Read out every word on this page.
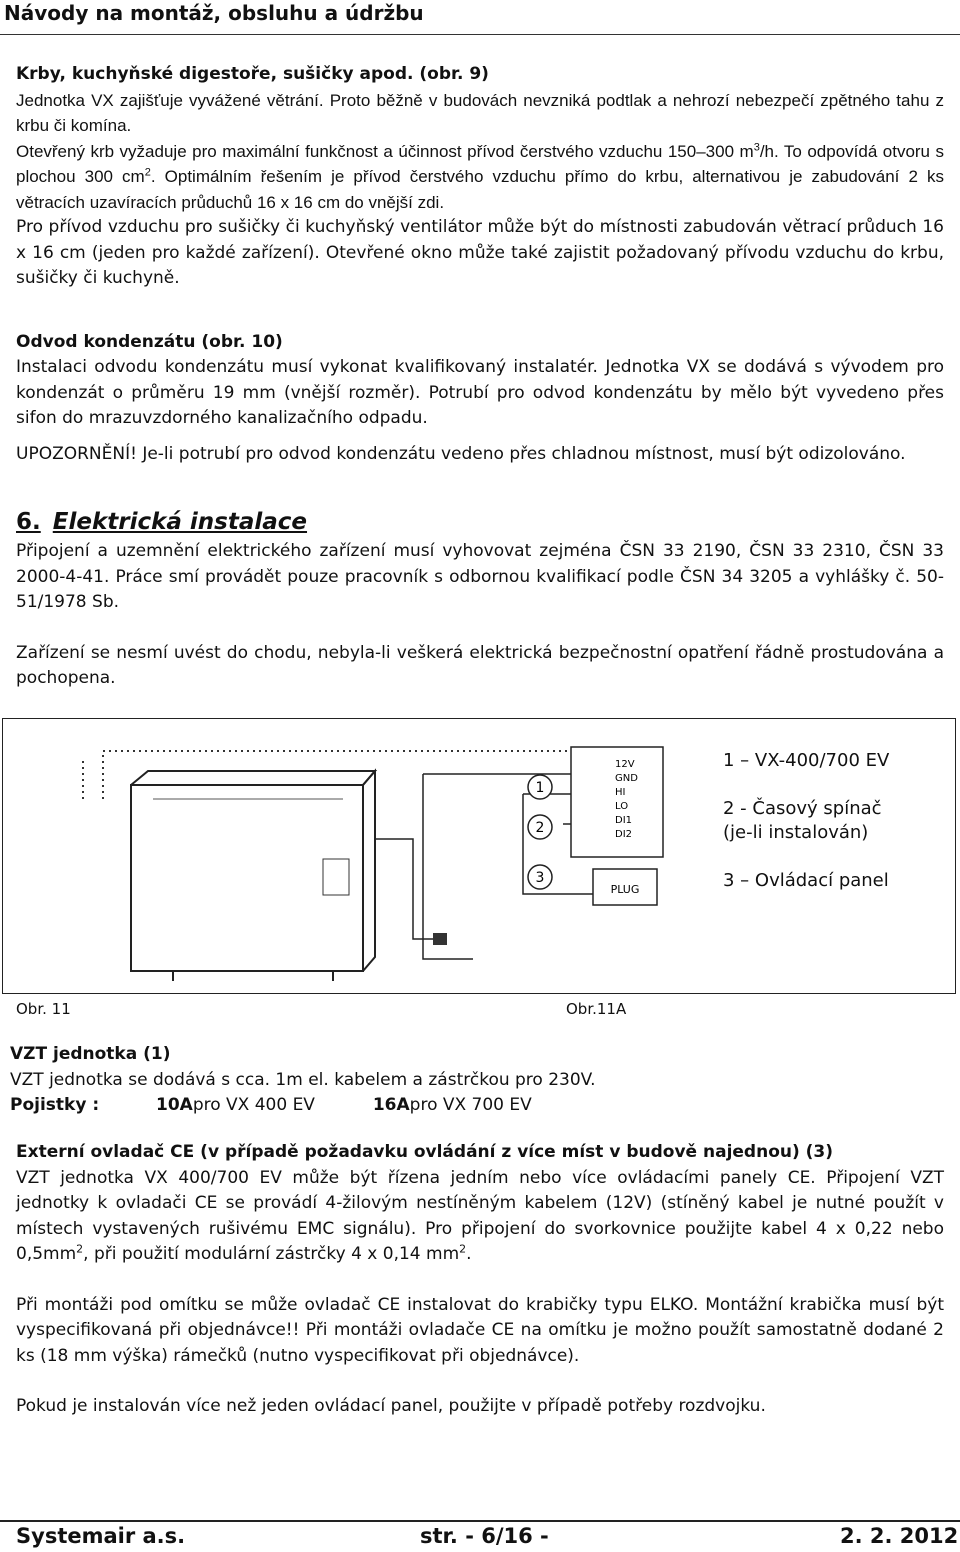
Návody na montáž, obsluhu a údržbu

Krby, kuchyňské digestoře, sušičky apod. (obr. 9)

Jednotka VX zajišťuje vyvážené větrání. Proto běžně v budovách nevzniká podtlak a nehrozí nebezpečí zpětného tahu z krbu či komína.

Otevřený krb vyžaduje pro maximální funkčnost a účinnost přívod čerstvého vzduchu 150–300 $m^3/h$. To odpovídá otvoru s plochou 300 $cm^2$. Optimálním řešením je přívod čerstvého vzduchu přímo do krbu, alternativou je zabudování 2 ks větracích uzavíracích průduchů 16 x 16 cm do vnější zdi.

Pro přívod vzduchu pro sušičky či kuchyňský ventilátor může být do místnosti zabudován větrací průduch 16 x 16 cm (jeden pro každé zařízení). Otevřené okno může také zajistit požadovaný přívodu vzduchu do krbu, sušičky či kuchyně.

Odvod kondenzátu (obr. 10)

Instalaci odvodu kondenzátu musí vykonat kvalifikovaný instalatér. Jednotka VX se dodává s vývodem pro kondenzát o průměru 19 mm (vnější rozměr). Potrubí pro odvod kondenzátu by mělo být vyvedeno přes sifon do mrazuvzdorného kanalizačního odpadu.

UPOZORNĚNÍ! Je-li potrubí pro odvod kondenzátu vedeno přes chladnou místnost, musí být odizolováno.

6. Elektrická instalace

Připojení a uzemnění elektrického zařízení musí vyhovovat zejména ČSN 33 2190, ČSN 33 2310, ČSN 33 2000-4-41. Práce smí provádět pouze pracovník s odbornou kvalifikací podle ČSN 34 3205 a vyhlášky č. 50-51/1978 Sb.

Zařízení se nesmí uvést do chodu, nebyla-li veškerá elektrická bezpečnostní opatření řádně prostudována a pochopena.

1
2
3
12V
GND
HI
LO
DI1
DI2
PLUG
1 – VX-400/700 EV
2 - Časový spínač
(je-li instalován)
3 – Ovládací panel
Obr. 11	Obr.11A

VZT jednotka (1)

VZT jednotka se dodává s cca. 1m el. kabelem a zástrčkou pro 230V.

Pojistky :	10Apro VX 400 EV	16Apro VX 700 EV

Externí ovladač CE (v případě požadavku ovládání z více míst v budově najednou) (3)

VZT jednotka VX 400/700 EV může být řízena jedním nebo více ovládacími panely CE. Připojení VZT jednotky k ovladači CE se provádí 4-žilovým nestíněným kabelem (12V) (stíněný kabel je nutné použít v místech vystavených rušivému EMC signálu). Pro připojení do svorkovnice použijte kabel 4 x 0,22 nebo $0,5mm^2$, při použití modulární zástrčky 4 x 0,14 $mm^2$.

Při montáži pod omítku se může ovladač CE instalovat do krabičky typu ELKO. Montážní krabička musí být vyspecifikovaná při objednávce!! Při montáži ovladače CE na omítku je možno použít samostatně dodané 2 ks (18 mm výška) rámečků (nutno vyspecifikovat při objednávce).

Pokud je instalován více než jeden ovládací panel, použijte v případě potřeby rozdvojku.

Systemair a.s.	str. - 6/16 -	2. 2. 2012
